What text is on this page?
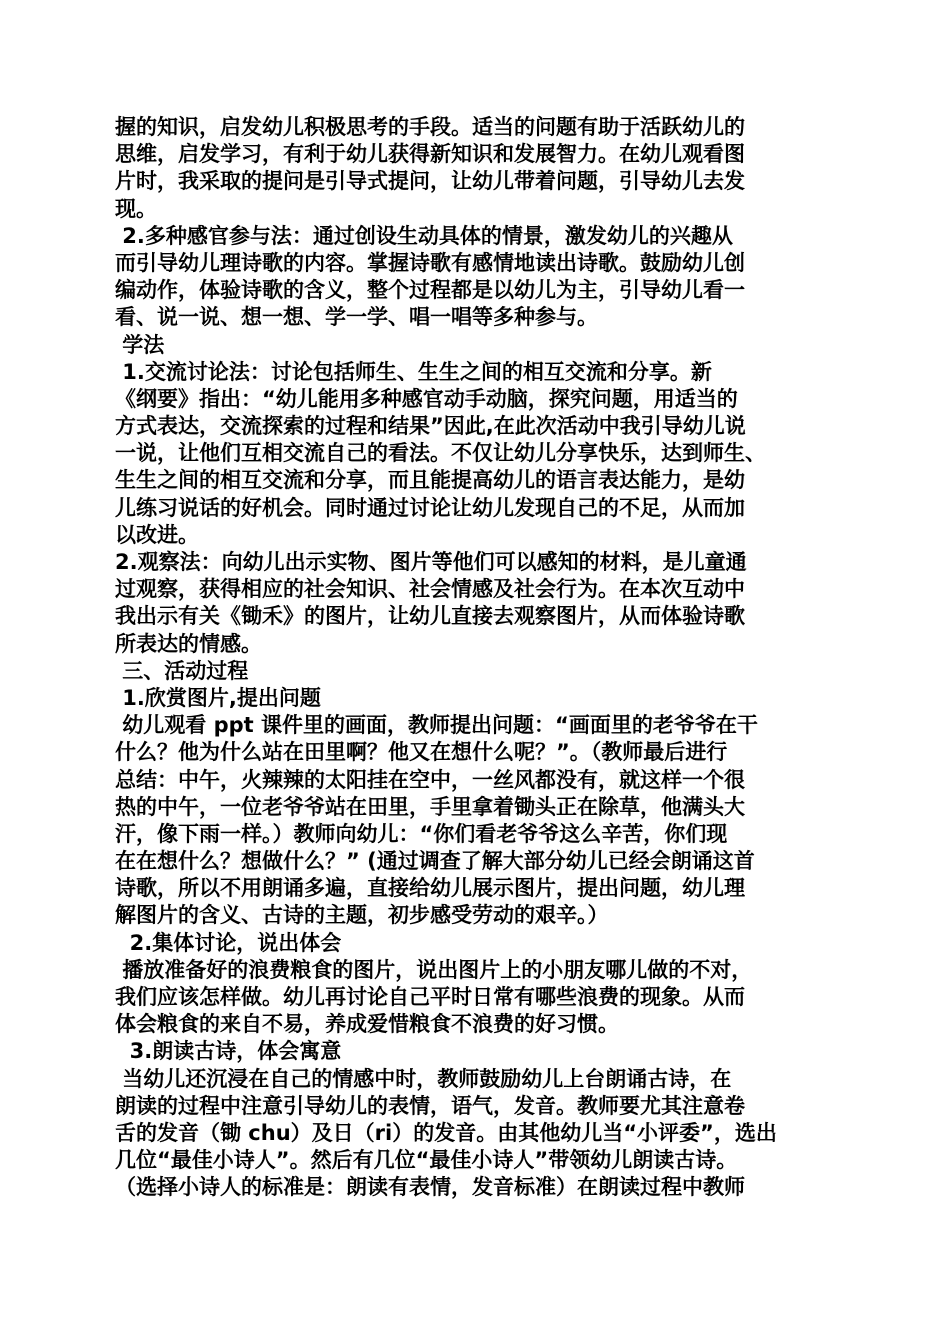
握的知识，启发幼儿积极思考的手段。适当的问题有助于活跃幼儿的
思维，启发学习，有利于幼儿获得新知识和发展智力。在幼儿观看图
片时，我采取的提问是引导式提问，让幼儿带着问题，引导幼儿去发
现。
2.多种感官参与法：通过创设生动具体的情景，激发幼儿的兴趣从
而引导幼儿理诗歌的内容。掌握诗歌有感情地读出诗歌。鼓励幼儿创
编动作，体验诗歌的含义，整个过程都是以幼儿为主，引导幼儿看一
看、说一说、想一想、学一学、唱一唱等多种参与。
学法
1.交流讨论法：讨论包括师生、生生之间的相互交流和分享。新
《纲要》指出：“幼儿能用多种感官动手动脑，探究问题，用适当的
方式表达，交流探索的过程和结果”因此,在此次活动中我引导幼儿说
一说，让他们互相交流自己的看法。不仅让幼儿分享快乐，达到师生、
生生之间的相互交流和分享，而且能提高幼儿的语言表达能力，是幼
儿练习说话的好机会。同时通过讨论让幼儿发现自己的不足，从而加
以改进。
2.观察法：向幼儿出示实物、图片等他们可以感知的材料，是儿童通
过观察，获得相应的社会知识、社会情感及社会行为。在本次互动中
我出示有关《锄禾》的图片，让幼儿直接去观察图片，从而体验诗歌
所表达的情感。
三、活动过程
1.欣赏图片,提出问题
幼儿观看 ppt 课件里的画面，教师提出问题：“画面里的老爷爷在干
什么？他为什么站在田里啊？他又在想什么呢？”。（教师最后进行
总结：中午，火辣辣的太阳挂在空中，一丝风都没有，就这样一个很
热的中午，一位老爷爷站在田里，手里拿着锄头正在除草，他满头大
汗，像下雨一样。）教师向幼儿：“你们看老爷爷这么辛苦，你们现
在在想什么？想做什么？” (通过调查了解大部分幼儿已经会朗诵这首
诗歌，所以不用朗诵多遍，直接给幼儿展示图片，提出问题，幼儿理
解图片的含义、古诗的主题，初步感受劳动的艰辛。）
2.集体讨论，说出体会
播放准备好的浪费粮食的图片，说出图片上的小朋友哪儿做的不对，
我们应该怎样做。幼儿再讨论自己平时日常有哪些浪费的现象。从而
体会粮食的来自不易，养成爱惜粮食不浪费的好习惯。
3.朗读古诗，体会寓意
当幼儿还沉浸在自己的情感中时，教师鼓励幼儿上台朗诵古诗，在
朗读的过程中注意引导幼儿的表情，语气，发音。教师要尤其注意卷
舌的发音（锄 chu）及日（ri）的发音。由其他幼儿当“小评委”，选出
几位“最佳小诗人”。然后有几位“最佳小诗人”带领幼儿朗读古诗。
（选择小诗人的标准是：朗读有表情，发音标准）在朗读过程中教师
